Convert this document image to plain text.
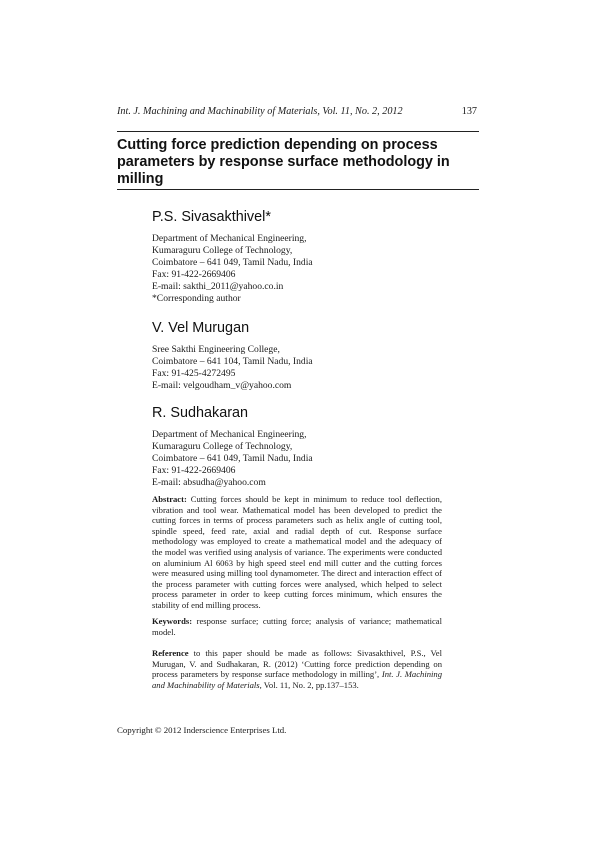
Int. J. Machining and Machinability of Materials, Vol. 11, No. 2, 2012	137
Cutting force prediction depending on process parameters by response surface methodology in milling
P.S. Sivasakthivel*
Department of Mechanical Engineering,
Kumaraguru College of Technology,
Coimbatore – 641 049, Tamil Nadu, India
Fax: 91-422-2669406
E-mail: sakthi_2011@yahoo.co.in
*Corresponding author
V. Vel Murugan
Sree Sakthi Engineering College,
Coimbatore – 641 104, Tamil Nadu, India
Fax: 91-425-4272495
E-mail: velgoudham_v@yahoo.com
R. Sudhakaran
Department of Mechanical Engineering,
Kumaraguru College of Technology,
Coimbatore – 641 049, Tamil Nadu, India
Fax: 91-422-2669406
E-mail: absudha@yahoo.com
Abstract: Cutting forces should be kept in minimum to reduce tool deflection, vibration and tool wear. Mathematical model has been developed to predict the cutting forces in terms of process parameters such as helix angle of cutting tool, spindle speed, feed rate, axial and radial depth of cut. Response surface methodology was employed to create a mathematical model and the adequacy of the model was verified using analysis of variance. The experiments were conducted on aluminium Al 6063 by high speed steel end mill cutter and the cutting forces were measured using milling tool dynamometer. The direct and interaction effect of the process parameter with cutting forces were analysed, which helped to select process parameter in order to keep cutting forces minimum, which ensures the stability of end milling process.
Keywords: response surface; cutting force; analysis of variance; mathematical model.
Reference to this paper should be made as follows: Sivasakthivel, P.S., Vel Murugan, V. and Sudhakaran, R. (2012) ‘Cutting force prediction depending on process parameters by response surface methodology in milling’, Int. J. Machining and Machinability of Materials, Vol. 11, No. 2, pp.137–153.
Copyright © 2012 Inderscience Enterprises Ltd.
